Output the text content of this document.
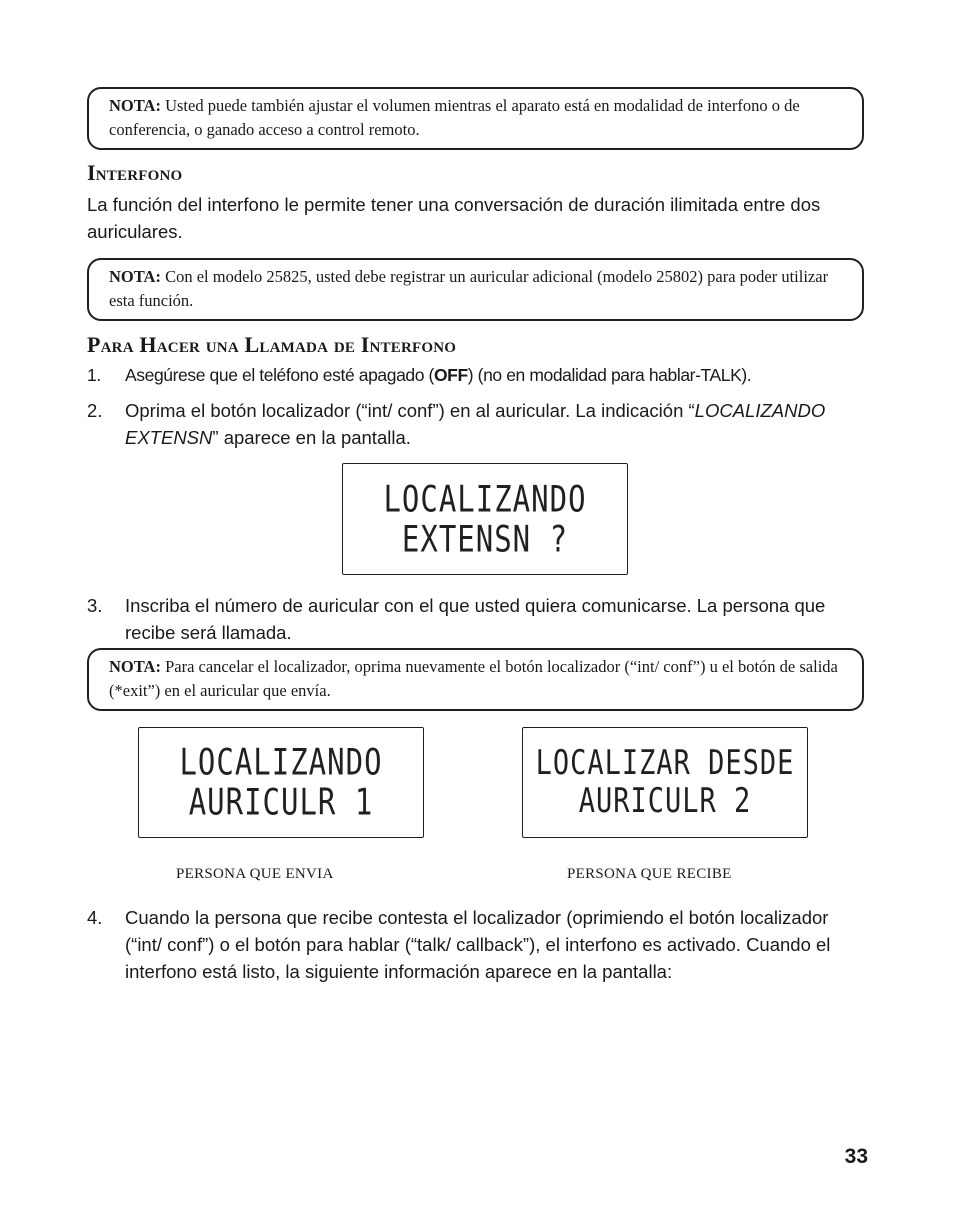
NOTA: Usted puede también ajustar el volumen mientras el aparato está en modalidad de interfono o de conferencia, o ganado acceso a control remoto.
Interfono
La función del interfono le permite tener una conversación de duración ilimitada entre dos auriculares.
NOTA: Con el modelo 25825, usted debe registrar un auricular adicional (modelo 25802) para poder utilizar esta función.
Para Hacer una Llamada de Interfono
1. Asegúrese que el teléfono esté apagado (OFF) (no en modalidad para hablar-TALK).
2. Oprima el botón localizador (“int/ conf”) en al auricular. La indicación “LOCALIZANDO EXTENSN” aparece en la pantalla.
LOCALIZANDO
EXTENSN ?
3. Inscriba el número de auricular con el que usted quiera comunicarse. La persona que recibe será llamada.
NOTA: Para cancelar el localizador, oprima nuevamente el botón localizador (“int/ conf”) u el botón de salida (*exit”) en el auricular que envía.
LOCALIZANDO
AURICULR 1
PERSONA QUE ENVIA
LOCALIZAR DESDE
AURICULR 2
PERSONA QUE RECIBE
4. Cuando la persona que recibe contesta el localizador (oprimiendo el botón localizador (“int/ conf”) o el botón para hablar (“talk/ callback”), el interfono es activado. Cuando el interfono está listo, la siguiente información aparece en la pantalla:
33
